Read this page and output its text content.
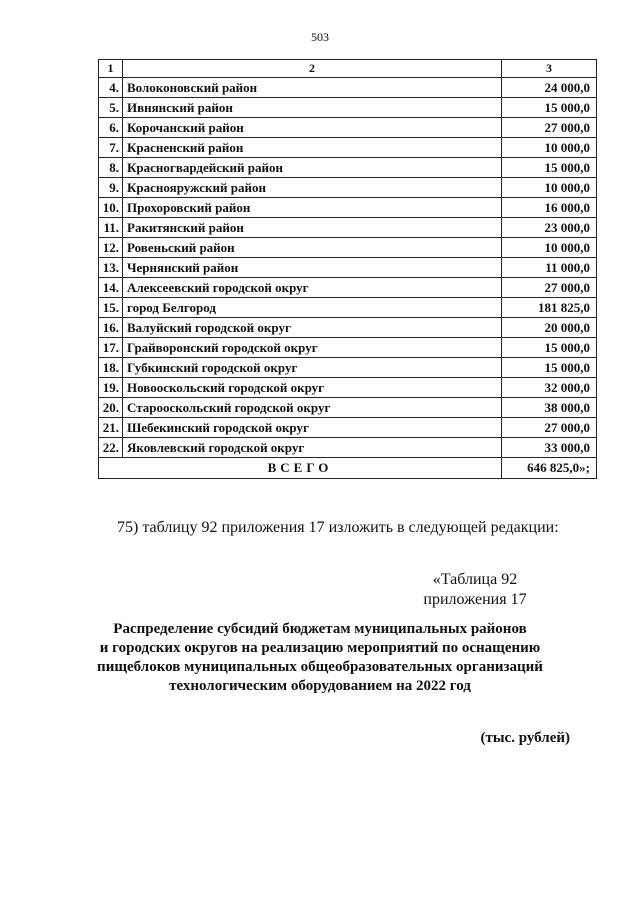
503
1	2	3
4.	Волоконовский район	24 000,0
5.	Ивнянский район	15 000,0
6.	Корочанский район	27 000,0
7.	Красненский район	10 000,0
8.	Красногвардейский район	15 000,0
9.	Краснояружский район	10 000,0
10.	Прохоровский район	16 000,0
11.	Ракитянский район	23 000,0
12.	Ровеньский район	10 000,0
13.	Чернянский район	11 000,0
14.	Алексеевский городской округ	27 000,0
15.	город Белгород	181 825,0
16.	Валуйский городской округ	20 000,0
17.	Грайворонский городской округ	15 000,0
18.	Губкинский городской округ	15 000,0
19.	Новооскольский городской округ	32 000,0
20.	Старооскольский городской округ	38 000,0
21.	Шебекинский городской округ	27 000,0
22.	Яковлевский городской округ	33 000,0
ВСЕГО		646 825,0»;
75) таблицу 92 приложения 17 изложить в следующей редакции:
«Таблица 92
приложения 17
Распределение субсидий бюджетам муниципальных районов
и городских округов на реализацию мероприятий по оснащению
пищеблоков муниципальных общеобразовательных организаций
технологическим оборудованием на 2022 год
(тыс. рублей)
